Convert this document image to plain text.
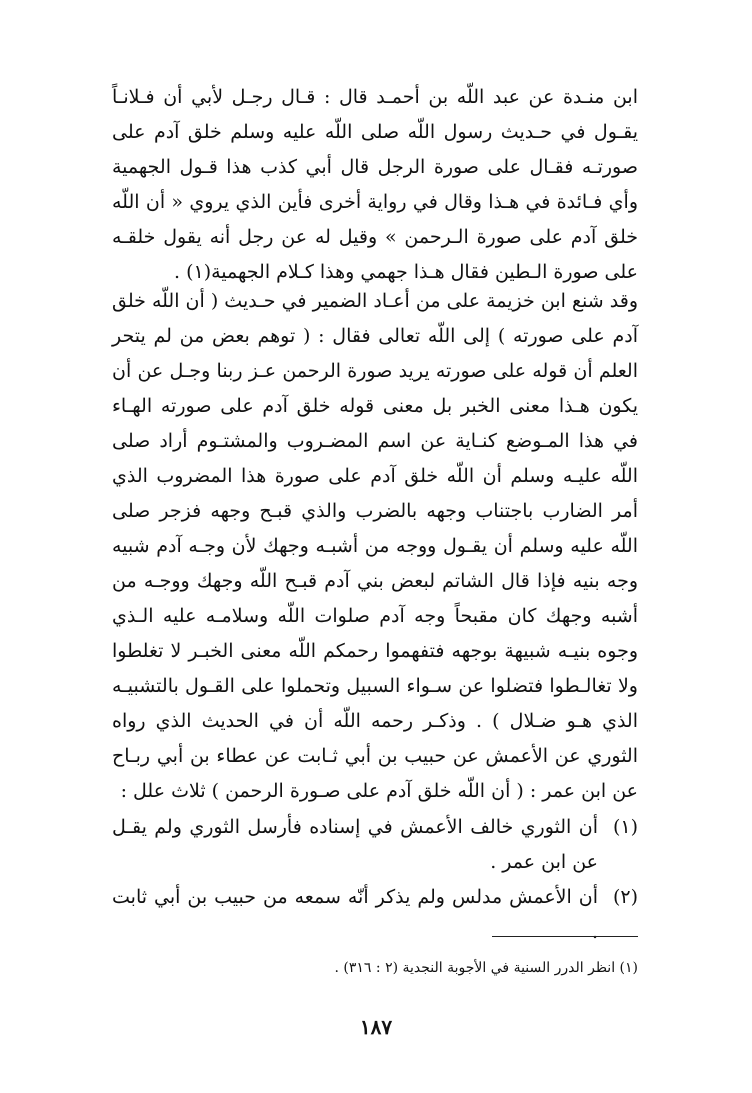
ابن منـدة عن عبد اللّه بن أحمـد قال : قـال رجـل لأبي أن فـلانـاً يقـول في حـديث رسول اللّه صلى اللّه عليه وسلم خلق آدم على صورتـه فقـال على صورة الرجل قال أبي كذب هذا قـول الجهمية وأي فـائدة في هـذا وقال في رواية أخرى فأين الذي يروي « أن اللّه خلق آدم على صورة الـرحمن » وقيل له عن رجل أنه يقول خلقـه على صورة الـطين فقال هـذا جهمي وهذا كـلام الجهمية(١) .

وقد شنع ابن خزيمة على من أعـاد الضمير في حـديث ( أن اللّه خلق آدم على صورته ) إلى اللّه تعالى فقال : ( توهم بعض من لم يتحر العلم أن قوله على صورته يريد صورة الرحمن عـز ربنا وجـل عن أن يكون هـذا معنى الخبر بل معنى قوله خلق آدم على صورته الهـاء في هذا المـوضع كنـاية عن اسم المضـروب والمشتـوم أراد صلى اللّه عليـه وسلم أن اللّه خلق آدم على صورة هذا المضروب الذي أمر الضارب باجتناب وجهه بالضرب والذي قبـح وجهه فزجر صلى اللّه عليه وسلم أن يقـول ووجه من أشبـه وجهك لأن وجـه آدم شبيه وجه بنيه فإذا قال الشاتم لبعض بني آدم قبـح اللّه وجهك ووجـه من أشبه وجهك كان مقبحاً وجه آدم صلوات اللّه وسلامـه عليه الـذي وجوه بنيـه شبيهة بوجهه فتفهموا رحمكم اللّه معنى الخبـر لا تغلطوا ولا تغالـطوا فتضلوا عن سـواء السبيل وتحملوا على القـول بالتشبيـه الذي هـو ضـلال ) . وذكـر رحمه اللّه أن في الحديث الذي رواه الثوري عن الأعمش عن حبيب بن أبي ثـابت عن عطاء بن أبي ربـاح عن ابن عمر : ( أن اللّه خلق آدم على صـورة الرحمن ) ثلاث علل :

(١)
أن الثوري خالف الأعمش في إسناده فأرسل الثوري ولم يقـل عن ابن عمر .
(٢)
أن الأعمش مدلس ولم يذكر أنّه سمعه من حبيب بن أبي ثابت .

(١) انظر الدرر السنية في الأجوبة النجدية (٢ : ٣١٦) .

١٨٧
